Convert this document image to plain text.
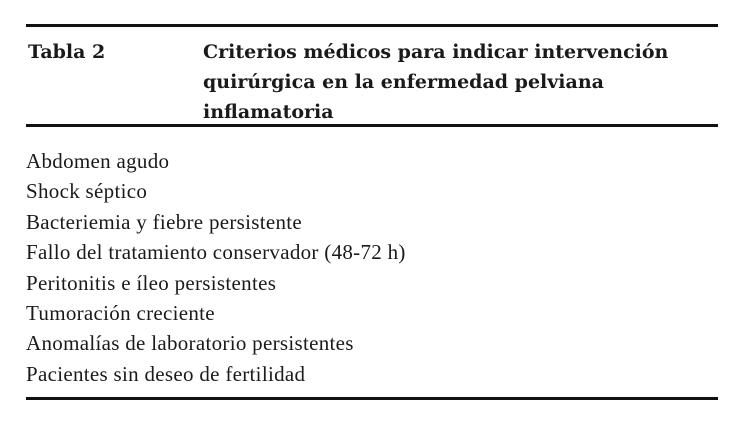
Tabla 2	Criterios médicos para indicar intervención
quirúrgica en la enfermedad pelviana
inflamatoria
Abdomen agudo
Shock séptico
Bacteriemia y fiebre persistente
Fallo del tratamiento conservador (48-72 h)
Peritonitis e íleo persistentes
Tumoración creciente
Anomalías de laboratorio persistentes
Pacientes sin deseo de fertilidad
